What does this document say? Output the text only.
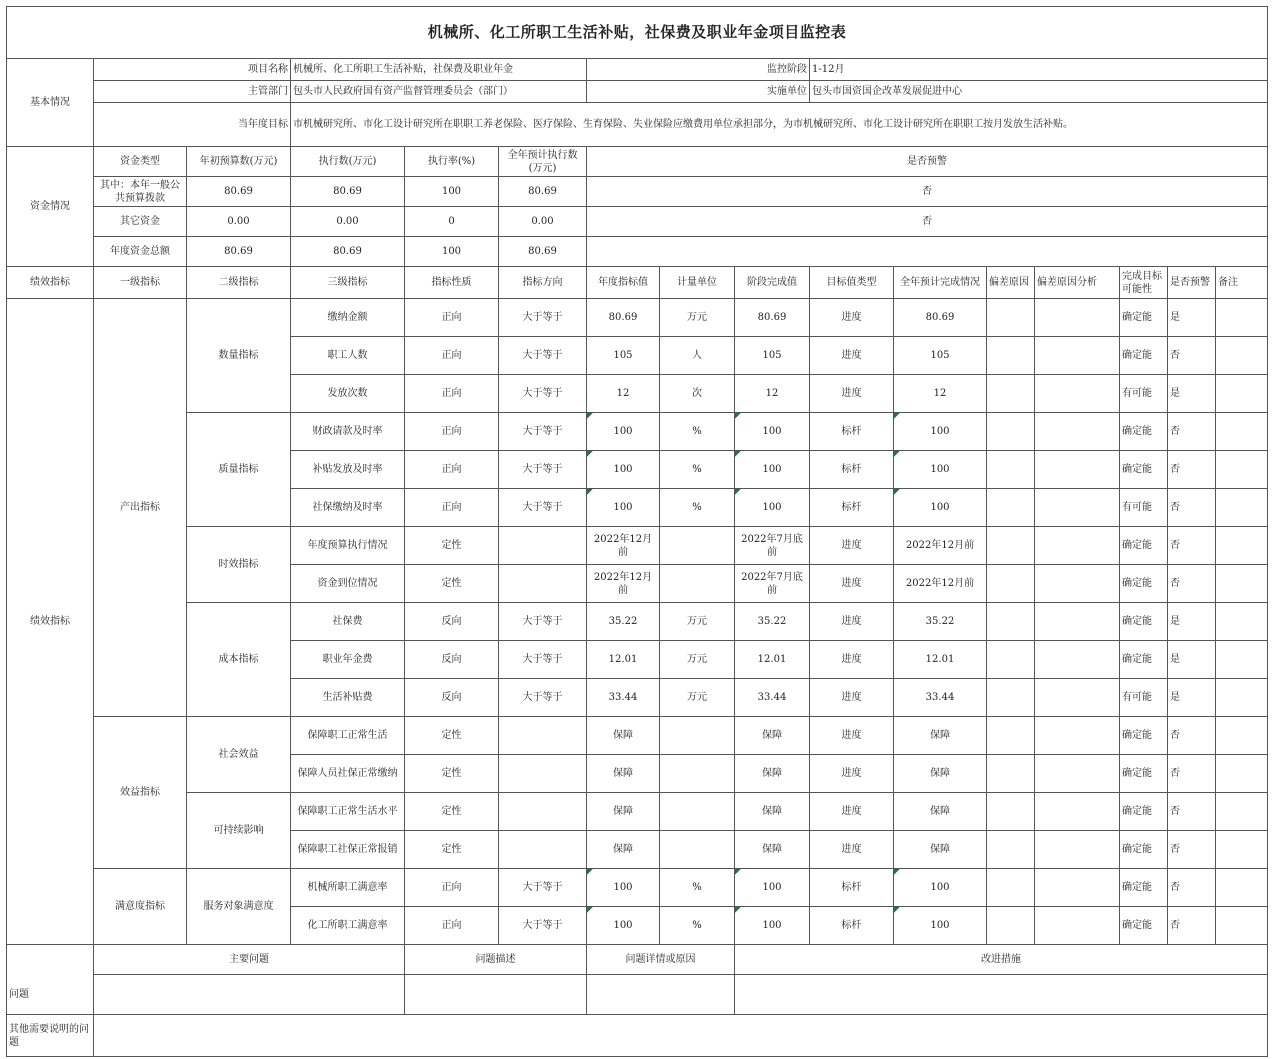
机械所、化工所职工生活补贴，社保费及职业年金项目监控表															
基本情况	项目名称		机械所、化工所职工生活补贴，社保费及职业年金			监控阶段			1-12月						
	主管部门		包头市人民政府国有资产监督管理委员会（部门）			实施单位			包头市国资国企改革发展促进中心						
	当年度目标		市机械研究所、市化工设计研究所在职职工养老保险、医疗保险、生育保险、失业保险应缴费用单位承担部分，为市机械研究所、市化工设计研究所在职职工按月发放生活补贴。												
资金情况	资金类型	年初预算数(万元)	执行数(万元)	执行率(%)	全年预计执行数(万元)	是否预警									
	其中：本年一般公共预算拨款	80.69	80.69	100	80.69	否									
	其它资金	0.00	0.00	0	0.00	否									
	年度资金总额	80.69	80.69	100	80.69										
绩效指标	一级指标	二级指标	三级指标	指标性质	指标方向	年度指标值	计量单位	阶段完成值	目标值类型	全年预计完成情况	偏差原因	偏差原因分析	完成目标可能性	是否预警	备注
绩效指标	产出指标	数量指标	缴纳金额	正向	大于等于	80.69	万元	80.69	进度	80.69			确定能	是	
			职工人数	正向	大于等于	105	人	105	进度	105			确定能	否	
			发放次数	正向	大于等于	12	次	12	进度	12			有可能	是	
		质量指标	财政请款及时率	正向	大于等于	100	%	100	标杆	100			确定能	否	
			补贴发放及时率	正向	大于等于	100	%	100	标杆	100			确定能	否	
			社保缴纳及时率	正向	大于等于	100	%	100	标杆	100			有可能	否	
		时效指标	年度预算执行情况	定性		2022年12月前		2022年7月底前	进度	2022年12月前			确定能	否	
			资金到位情况	定性		2022年12月前		2022年7月底前	进度	2022年12月前			确定能	否	
		成本指标	社保费	反向	大于等于	35.22	万元	35.22	进度	35.22			确定能	是	
			职业年金费	反向	大于等于	12.01	万元	12.01	进度	12.01			确定能	是	
			生活补贴费	反向	大于等于	33.44	万元	33.44	进度	33.44			有可能	是	
	效益指标	社会效益	保障职工正常生活	定性		保障		保障	进度	保障			确定能	否	
			保障人员社保正常缴纳	定性		保障		保障	进度	保障			确定能	否	
		可持续影响	保障职工正常生活水平	定性		保障		保障	进度	保障			确定能	否	
			保障职工社保正常报销	定性		保障		保障	进度	保障			确定能	否	
	满意度指标	服务对象满意度	机械所职工满意率	正向	大于等于	100	%	100	标杆	100			确定能	否	
			化工所职工满意率	正向	大于等于	100	%	100	标杆	100			确定能	否	
	主要问题			问题描述		问题详情或原因		改进措施							
问题															
其他需要说明的问题															
